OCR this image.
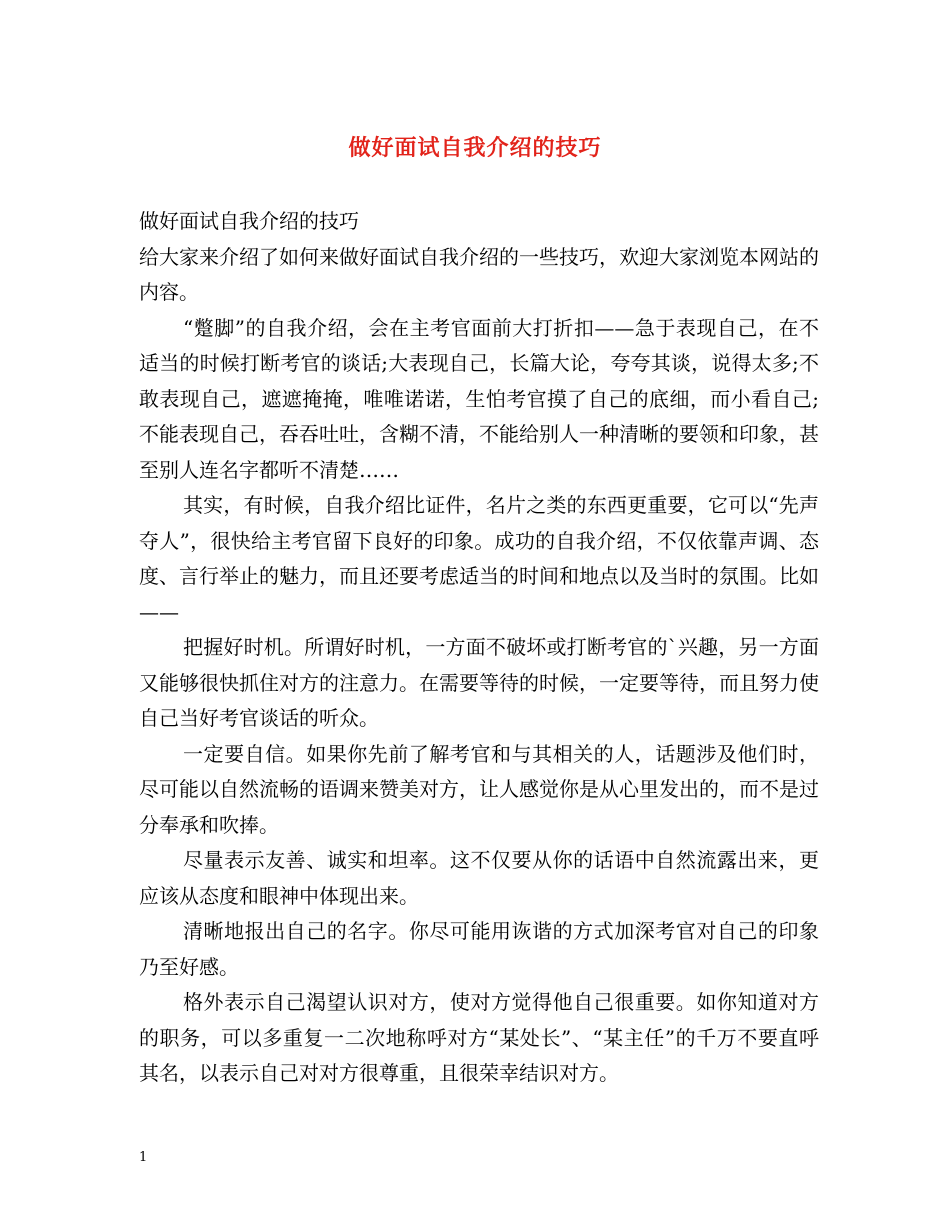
做好面试自我介绍的技巧

做好面试自我介绍的技巧

给大家来介绍了如何来做好面试自我介绍的一些技巧，欢迎大家浏览本网站的内容。

“蹩脚”的自我介绍，会在主考官面前大打折扣——急于表现自己，在不适当的时候打断考官的谈话;大表现自己，长篇大论，夸夸其谈，说得太多;不敢表现自己，遮遮掩掩，唯唯诺诺，生怕考官摸了自己的底细，而小看自己;不能表现自己，吞吞吐吐，含糊不清，不能给别人一种清晰的要领和印象，甚至别人连名字都听不清楚……

其实，有时候，自我介绍比证件，名片之类的东西更重要，它可以“先声夺人”，很快给主考官留下良好的印象。成功的自我介绍，不仅依靠声调、态度、言行举止的魅力，而且还要考虑适当的时间和地点以及当时的氛围。比如——

把握好时机。所谓好时机，一方面不破坏或打断考官的`兴趣，另一方面又能够很快抓住对方的注意力。在需要等待的时候，一定要等待，而且努力使自己当好考官谈话的听众。

一定要自信。如果你先前了解考官和与其相关的人，话题涉及他们时，尽可能以自然流畅的语调来赞美对方，让人感觉你是从心里发出的，而不是过分奉承和吹捧。

尽量表示友善、诚实和坦率。这不仅要从你的话语中自然流露出来，更应该从态度和眼神中体现出来。

清晰地报出自己的名字。你尽可能用诙谐的方式加深考官对自己的印象乃至好感。

格外表示自己渴望认识对方，使对方觉得他自己很重要。如你知道对方的职务，可以多重复一二次地称呼对方“某处长”、“某主任”的千万不要直呼其名，以表示自己对对方很尊重，且很荣幸结识对方。

1
